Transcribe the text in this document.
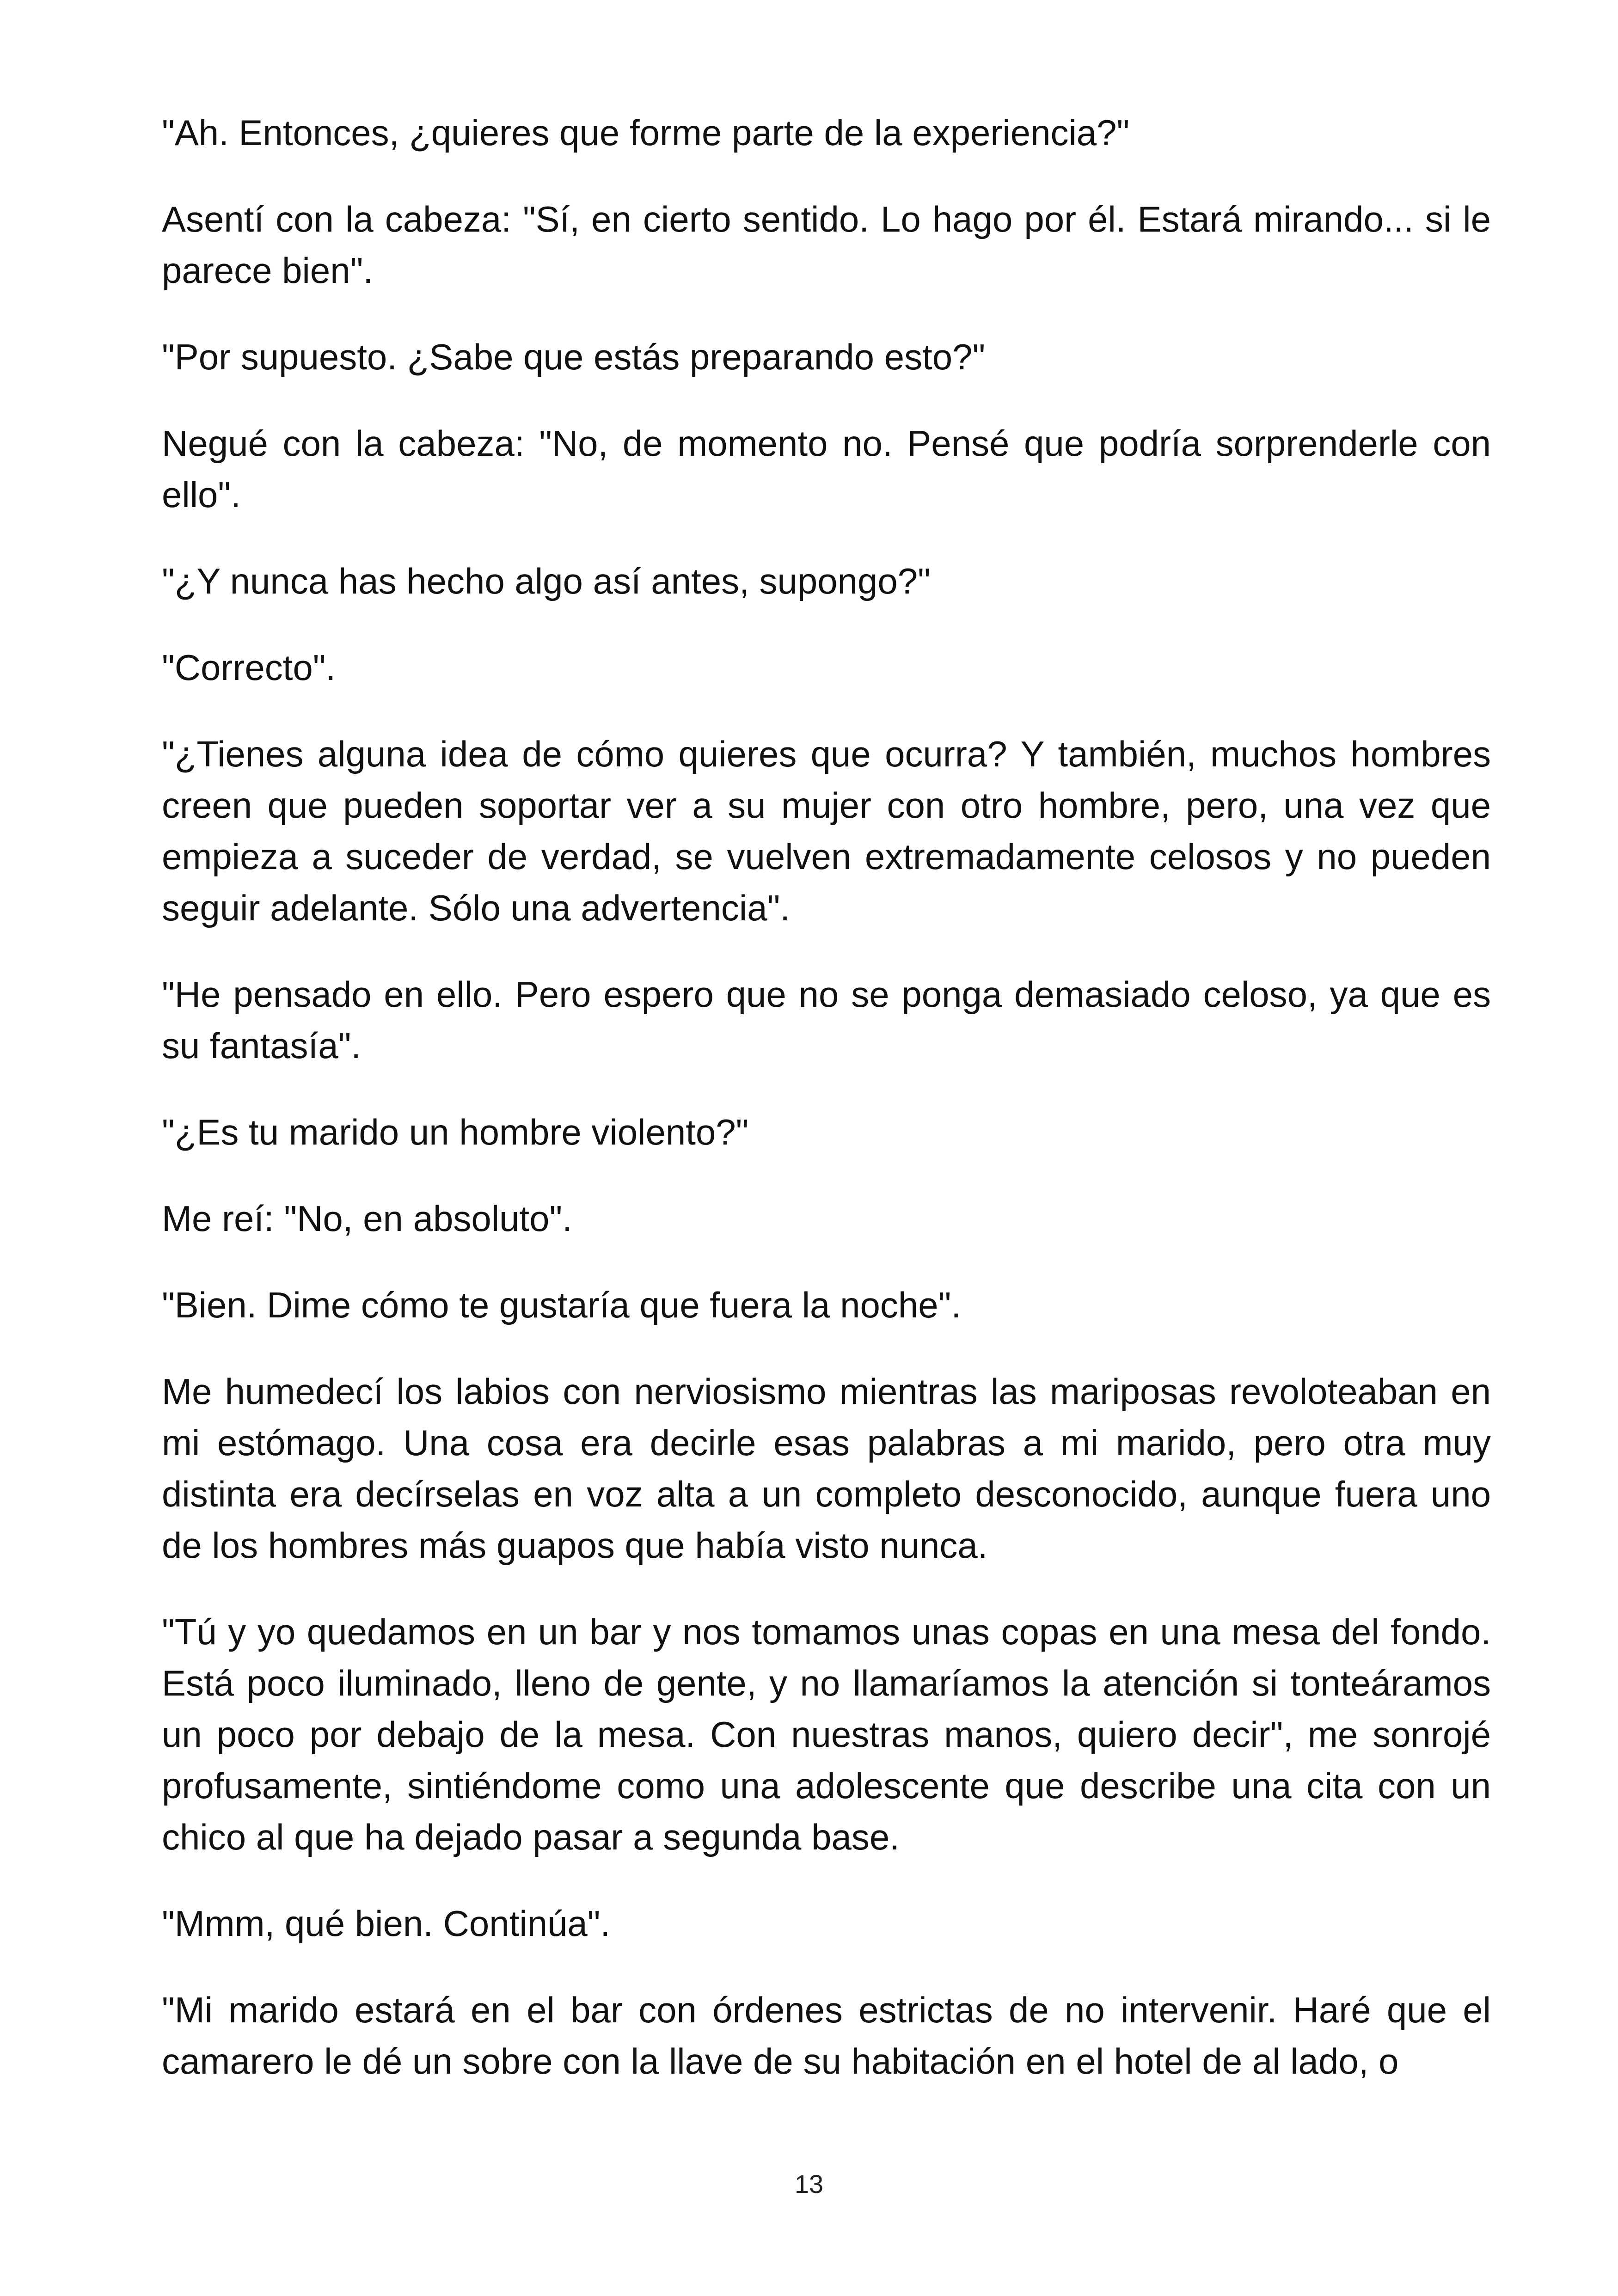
"Ah. Entonces, ¿quieres que forme parte de la experiencia?"

Asentí con la cabeza: "Sí, en cierto sentido. Lo hago por él. Estará mirando... si le parece bien".

"Por supuesto. ¿Sabe que estás preparando esto?"

Negué con la cabeza: "No, de momento no. Pensé que podría sorprenderle con ello".

"¿Y nunca has hecho algo así antes, supongo?"

"Correcto".

"¿Tienes alguna idea de cómo quieres que ocurra? Y también, muchos hombres creen que pueden soportar ver a su mujer con otro hombre, pero, una vez que empieza a suceder de verdad, se vuelven extremadamente celosos y no pueden seguir adelante. Sólo una advertencia".

"He pensado en ello. Pero espero que no se ponga demasiado celoso, ya que es su fantasía".

"¿Es tu marido un hombre violento?"

Me reí: "No, en absoluto".

"Bien. Dime cómo te gustaría que fuera la noche".

Me humedecí los labios con nerviosismo mientras las mariposas revoloteaban en mi estómago. Una cosa era decirle esas palabras a mi marido, pero otra muy distinta era decírselas en voz alta a un completo desconocido, aunque fuera uno de los hombres más guapos que había visto nunca.

"Tú y yo quedamos en un bar y nos tomamos unas copas en una mesa del fondo. Está poco iluminado, lleno de gente, y no llamaríamos la atención si tonteáramos un poco por debajo de la mesa. Con nuestras manos, quiero decir", me sonrojé profusamente, sintiéndome como una adolescente que describe una cita con un chico al que ha dejado pasar a segunda base.

"Mmm, qué bien. Continúa".

"Mi marido estará en el bar con órdenes estrictas de no intervenir. Haré que el camarero le dé un sobre con la llave de su habitación en el hotel de al lado, o

13
